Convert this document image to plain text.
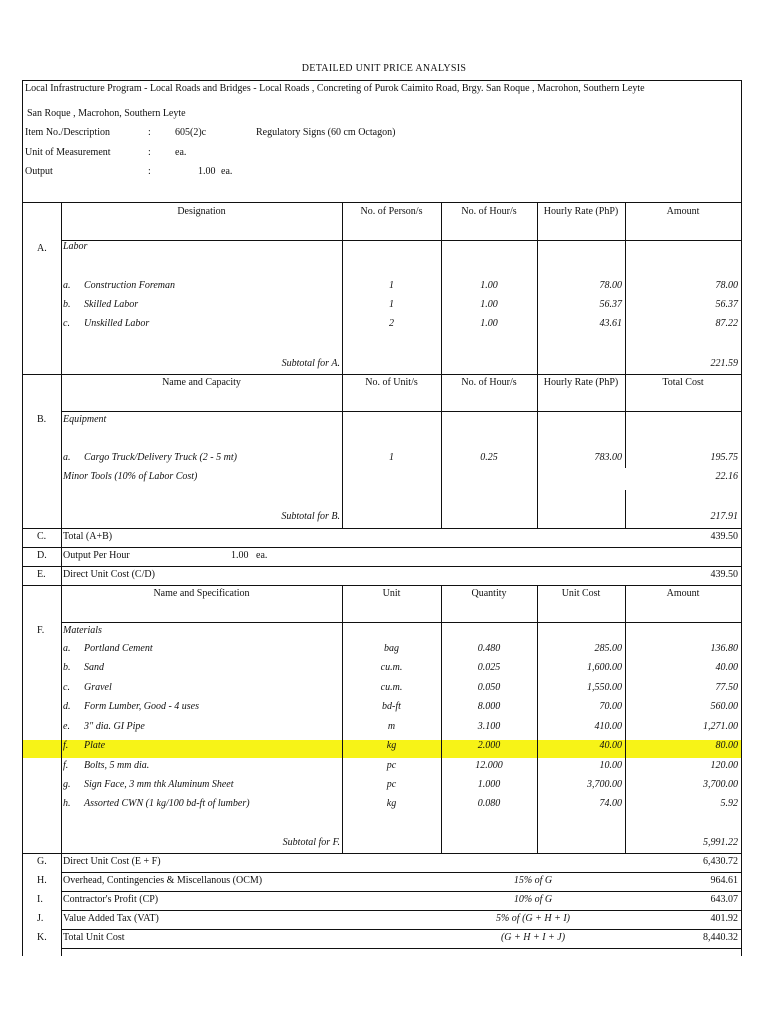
DETAILED UNIT PRICE ANALYSIS
Local Infrastructure Program - Local Roads and Bridges - Local Roads , Concreting of Purok Caimito Road, Brgy. San Roque , Macrohon, Southern Leyte
San Roque , Macrohon, Southern Leyte
Item No./Description	: 605(2)c	Regulatory Signs (60 cm Octagon)
Unit of Measurement	: ea.
Output	:	1.00 ea.
Designation	No. of Person/s	No. of Hour/s	Hourly Rate (PhP)	Amount
A. Labor
a. Construction Foreman	1	1.00	78.00	78.00
b. Skilled Labor	1	1.00	56.37	56.37
c. Unskilled Labor	2	1.00	43.61	87.22
Subtotal for A.	221.59
Name and Capacity	No. of Unit/s	No. of Hour/s	Hourly Rate (PhP)	Total Cost
B. Equipment
a. Cargo Truck/Delivery Truck (2 - 5 mt)	1	0.25	783.00	195.75
Minor Tools (10% of Labor Cost)	22.16
Subtotal for B.	217.91
C. Total (A+B)	439.50
D. Output Per Hour	1.00   ea.
E. Direct Unit Cost (C/D)	439.50
Name and Specification	Unit	Quantity	Unit Cost	Amount
F. Materials
a. Portland Cement	bag	0.480	285.00	136.80
b. Sand	cu.m.	0.025	1,600.00	40.00
c. Gravel	cu.m.	0.050	1,550.00	77.50
d. Form Lumber, Good - 4 uses	bd-ft	8.000	70.00	560.00
e. 3" dia. GI Pipe	m	3.100	410.00	1,271.00
f. Plate	kg	2.000	40.00	80.00
f. Bolts, 5 mm dia.	pc	12.000	10.00	120.00
g. Sign Face, 3 mm thk Aluminum Sheet	pc	1.000	3,700.00	3,700.00
h. Assorted CWN (1 kg/100 bd-ft of lumber)	kg	0.080	74.00	5.92
Subtotal for F.	5,991.22
G. Direct Unit Cost (E + F)	6,430.72
H. Overhead, Contingencies & Miscellanous (OCM)	15% of G	964.61
I. Contractor's Profit (CP)	10% of G	643.07
J. Value Added Tax (VAT)	5% of (G + H + I)	401.92
K. Total Unit Cost	(G + H + I + J)	8,440.32
